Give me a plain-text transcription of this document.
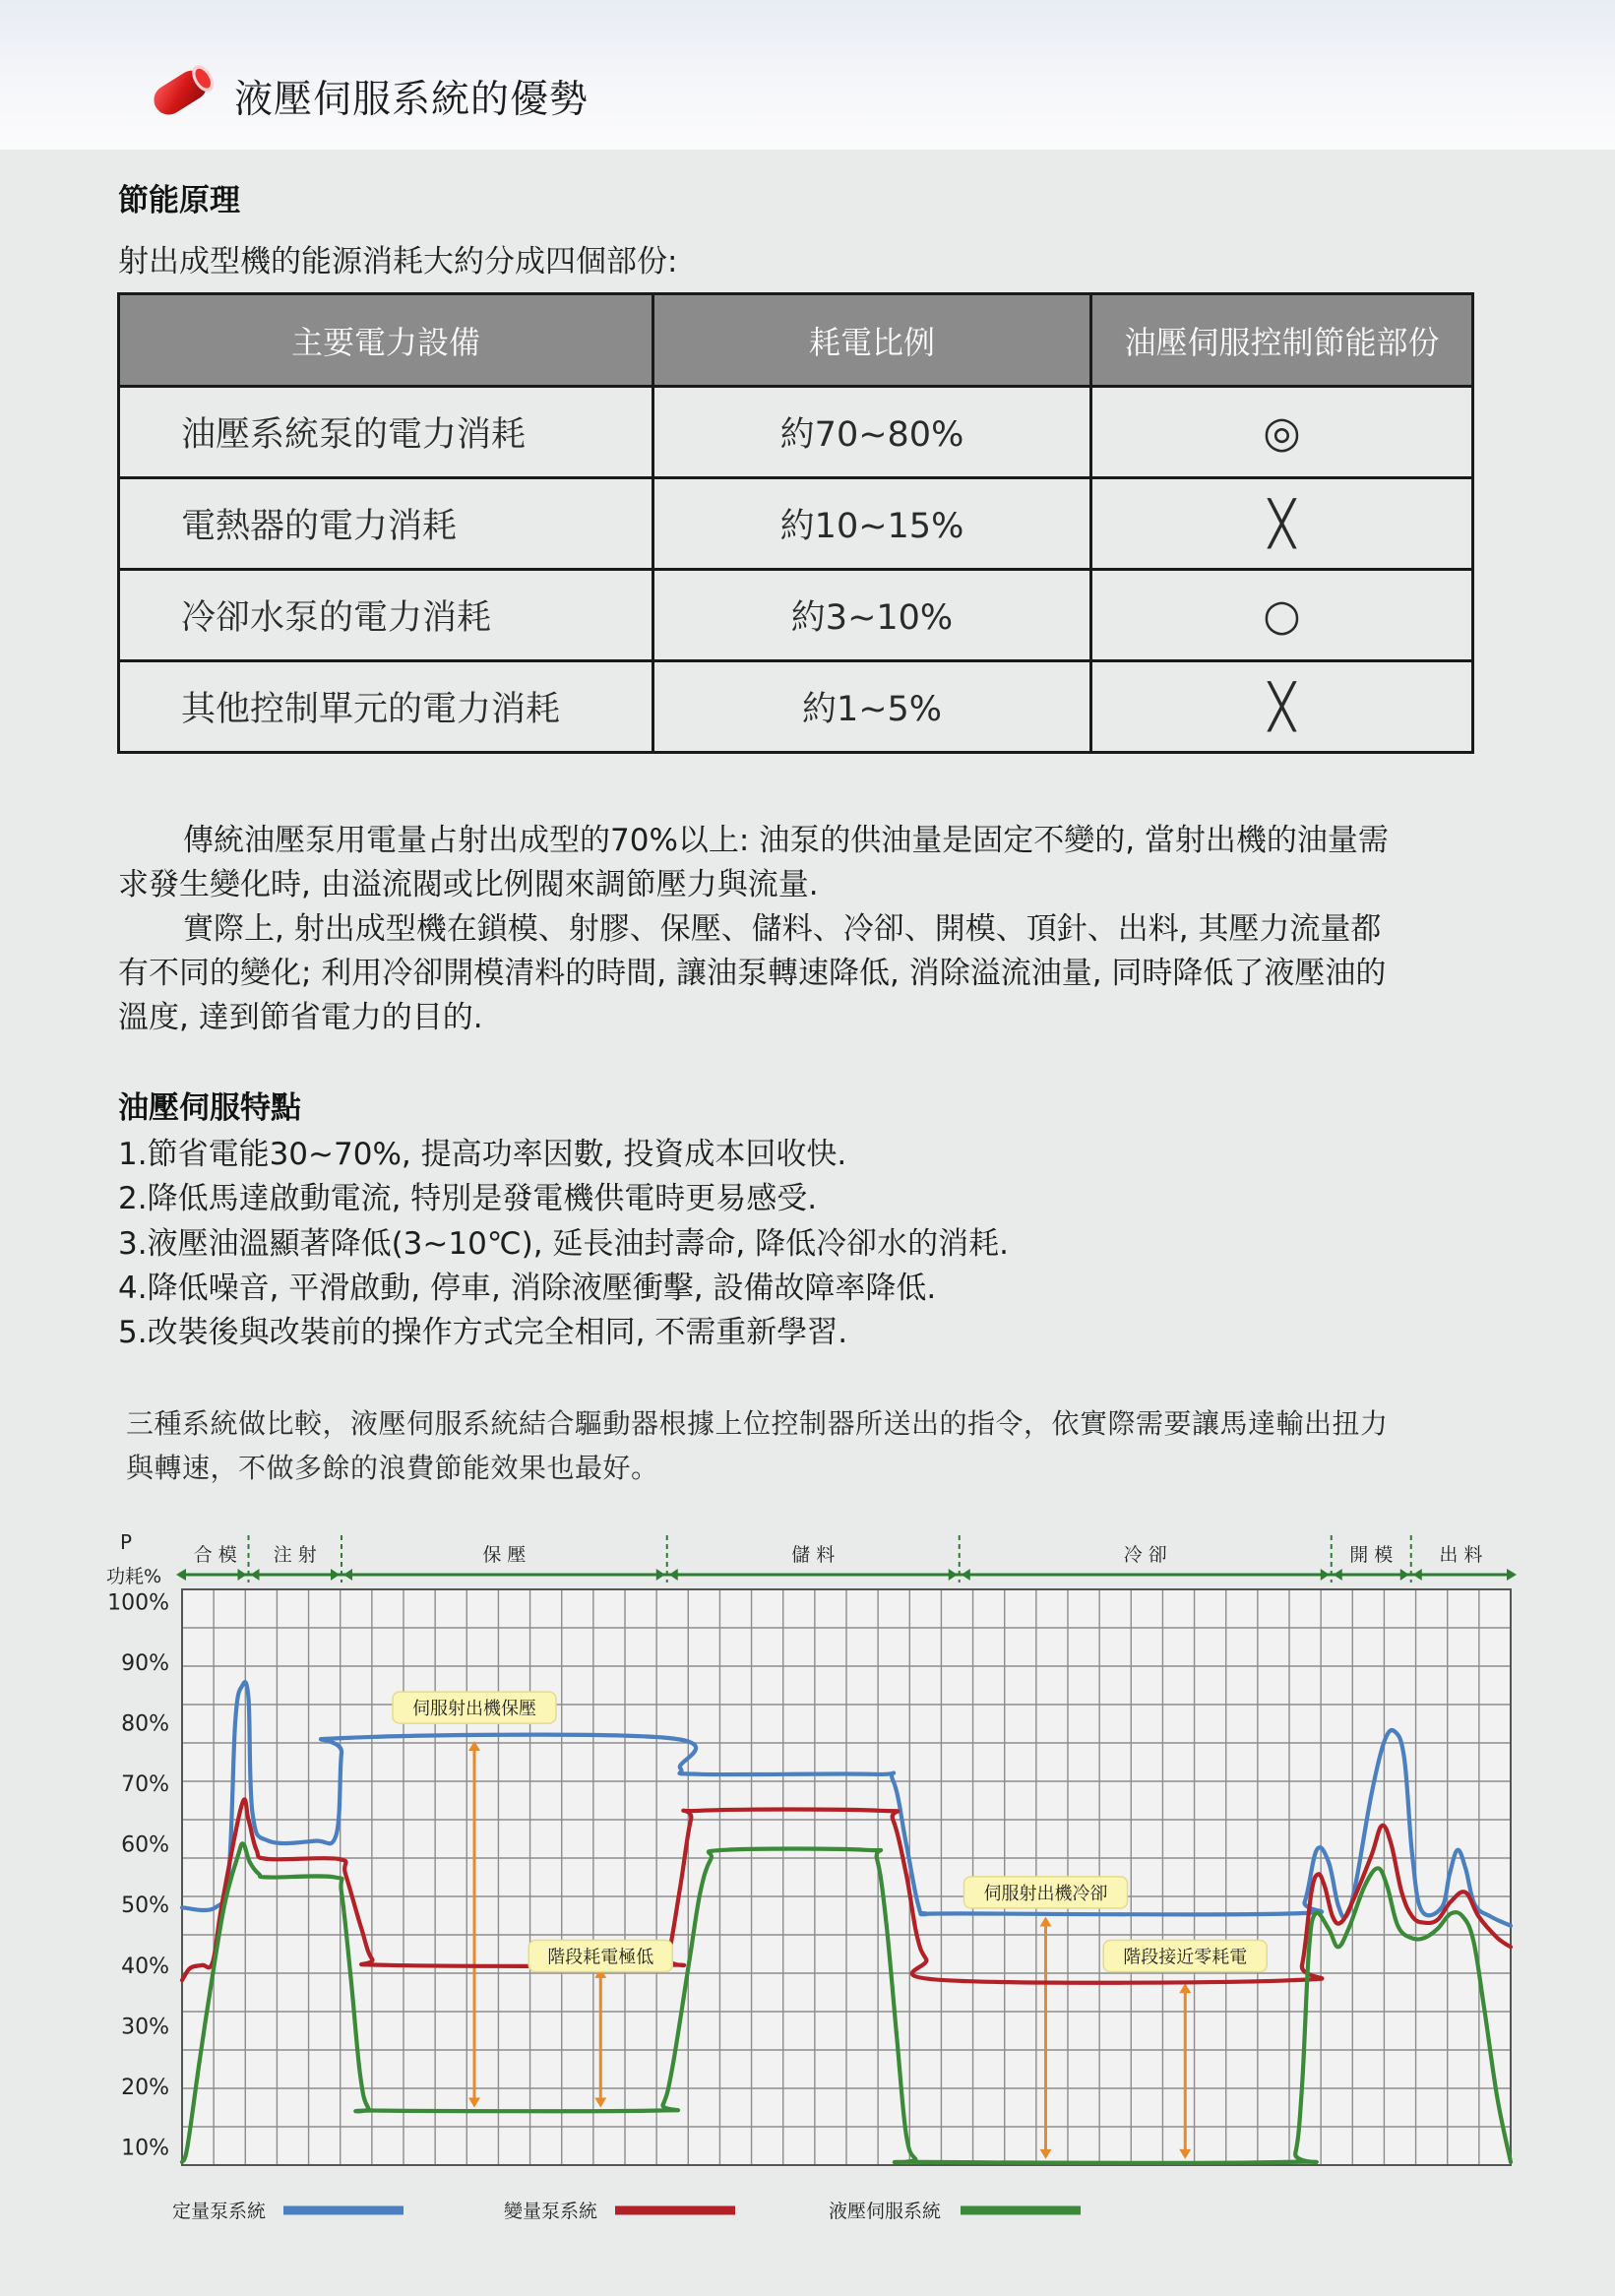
液壓伺服系統的優勢
節能原理
射出成型機的能源消耗大約分成四個部份:
主要電力設備	耗電比例	油壓伺服控制節能部份
油壓系統泵的電力消耗	約70~80%	◎
電熱器的電力消耗	約10~15%	╳
冷卻水泵的電力消耗	約3~10%	○
其他控制單元的電力消耗	約1~5%	╳
傳統油壓泵用電量占射出成型的70%以上: 油泵的供油量是固定不變的, 當射出機的油量需
求發生變化時, 由溢流閥或比例閥來調節壓力與流量.
實際上, 射出成型機在鎖模、射膠、保壓、儲料、冷卻、開模、頂針、出料, 其壓力流量都
有不同的變化; 利用冷卻開模清料的時間, 讓油泵轉速降低, 消除溢流油量, 同時降低了液壓油的
溫度, 達到節省電力的目的.
油壓伺服特點
1.節省電能30~70%, 提高功率因數, 投資成本回收快.
2.降低馬達啟動電流, 特別是發電機供電時更易感受.
3.液壓油溫顯著降低(3~10℃), 延長油封壽命, 降低冷卻水的消耗.
4.降低噪音, 平滑啟動, 停車, 消除液壓衝擊, 設備故障率降低.
5.改裝後與改裝前的操作方式完全相同, 不需重新學習.
三種系統做比較，液壓伺服系統結合驅動器根據上位控制器所送出的指令，依實際需要讓馬達輸出扭力
與轉速，不做多餘的浪費節能效果也最好。
P
功耗%
100%
90%
80%
70%
60%
50%
40%
30%
20%
10%
合 模 注 射	保 壓	儲 料	冷 卻	開 模 出 料
伺服射出機保壓
階段耗電極低
伺服射出機冷卻
階段接近零耗電
定量泵系統	變量泵系統	液壓伺服系統
